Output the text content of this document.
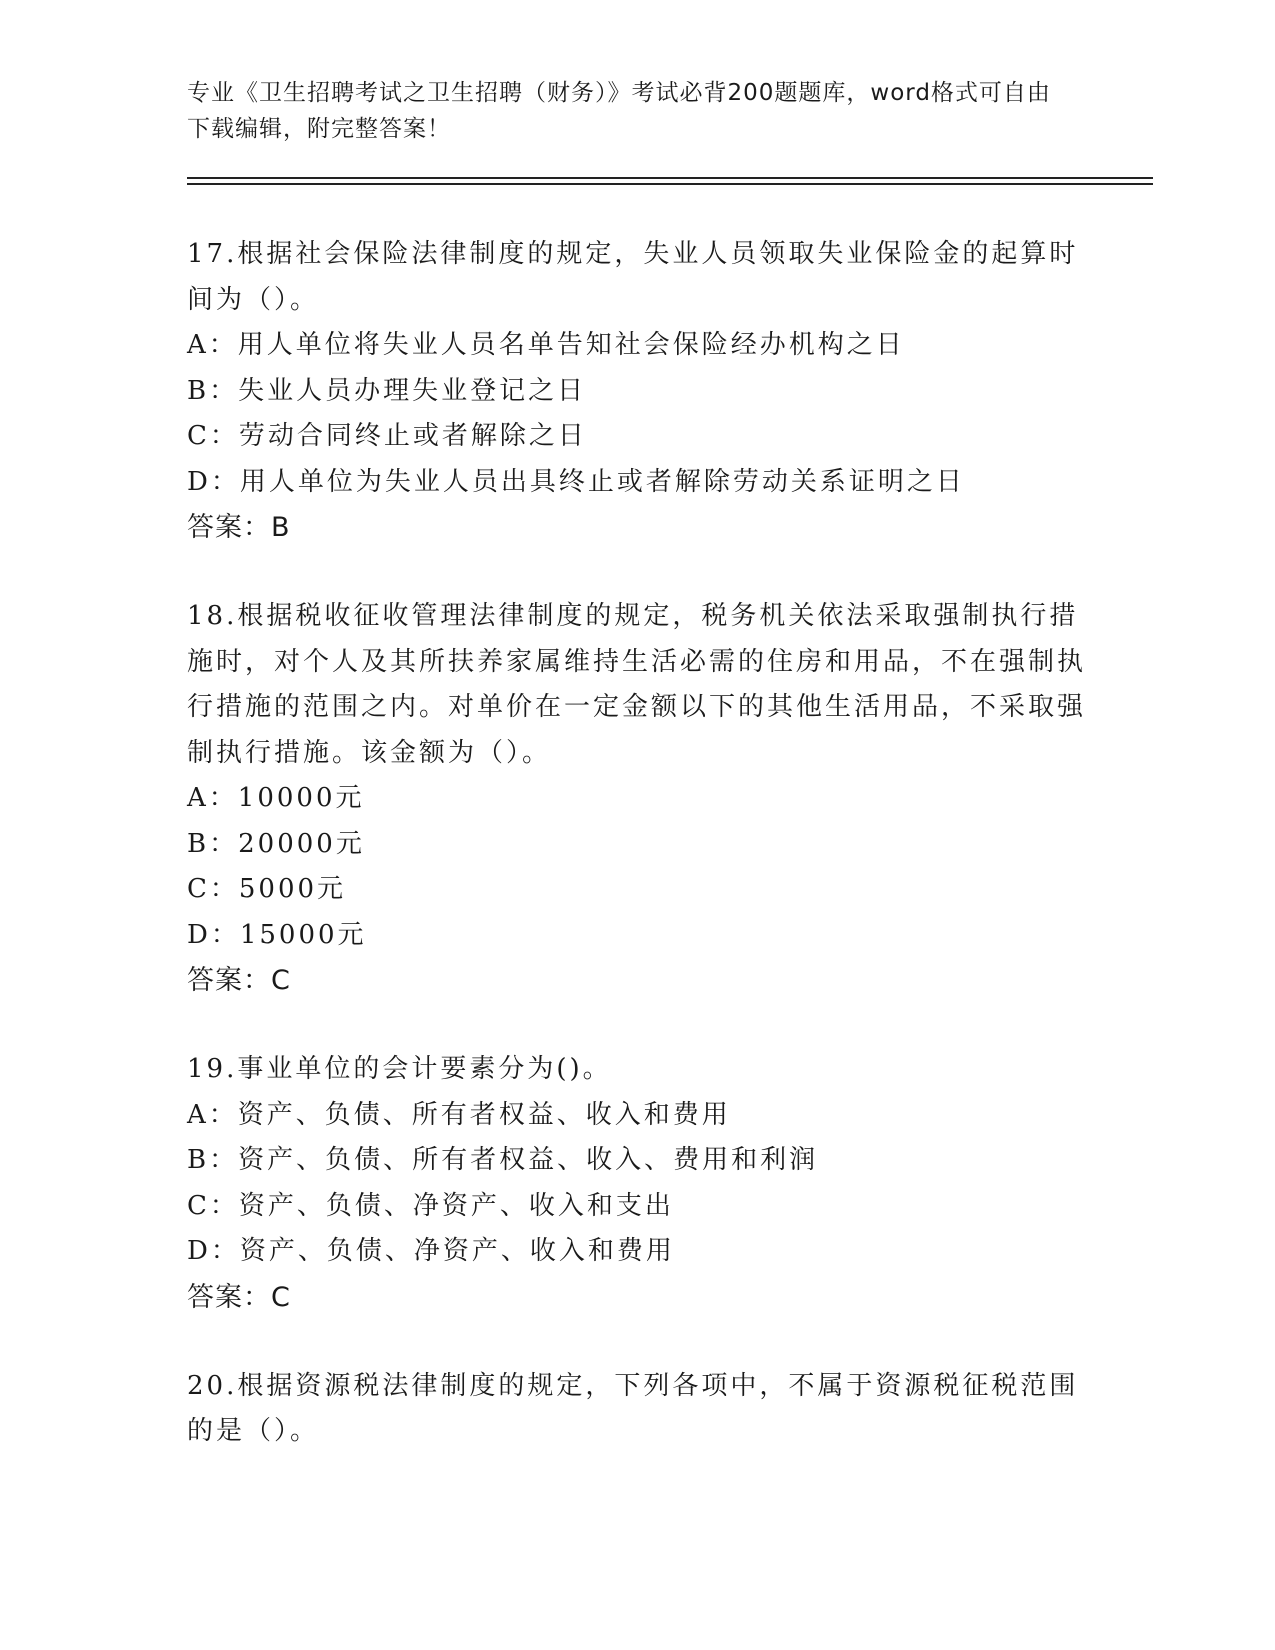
专业《卫生招聘考试之卫生招聘（财务）》考试必背200题题库，word格式可自由下载编辑，附完整答案！
17.根据社会保险法律制度的规定，失业人员领取失业保险金的起算时间为（）。
A：用人单位将失业人员名单告知社会保险经办机构之日
B：失业人员办理失业登记之日
C：劳动合同终止或者解除之日
D：用人单位为失业人员出具终止或者解除劳动关系证明之日
答案：B
18.根据税收征收管理法律制度的规定，税务机关依法采取强制执行措施时，对个人及其所扶养家属维持生活必需的住房和用品，不在强制执行措施的范围之内。对单价在一定金额以下的其他生活用品，不采取强制执行措施。该金额为（）。
A：10000元
B：20000元
C：5000元
D：15000元
答案：C
19.事业单位的会计要素分为()。
A：资产、负债、所有者权益、收入和费用
B：资产、负债、所有者权益、收入、费用和利润
C：资产、负债、净资产、收入和支出
D：资产、负债、净资产、收入和费用
答案：C
20.根据资源税法律制度的规定，下列各项中，不属于资源税征税范围的是（）。
